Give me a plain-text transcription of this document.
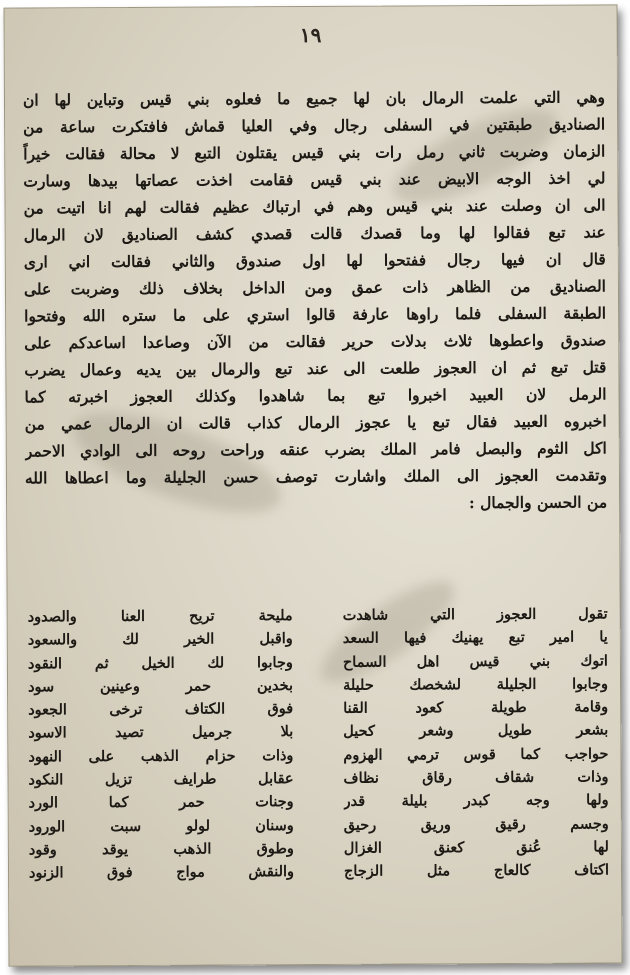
١٩
وهي التي علمت الرمال بان لها جميع ما فعلوه بني قيس وتباين لها ان
الصناديق طبقتين في السفلى رجال وفي العليا قماش فافتكرت ساعة من
الزمان وضربت ثاني رمل رات بني قيس يقتلون التبع لا محالة فقالت خيراً
لي اخذ الوجه الابيض عند بني قيس فقامت اخذت عصاتها بيدها وسارت
الى ان وصلت عند بني قيس وهم في ارتباك عظيم فقالت لهم انا اتيت من
عند تبع فقالوا لها وما قصدك قالت قصدي كشف الصناديق لان الرمال
قال ان فيها رجال ففتحوا لها اول صندوق والثاني فقالت اني ارى
الصناديق من الظاهر ذات عمق ومن الداخل بخلاف ذلك وضربت على
الطبقة السفلى فلما راوها عارفة قالوا استري على ما ستره الله وفتحوا
صندوق واعطوها ثلاث بدلات حرير فقالت من الآن وصاعدا اساعدكم على
قتل تبع ثم ان العجوز طلعت الى عند تبع والرمال بين يديه وعمال يضرب
الرمل لان العبيد اخبروا تبع بما شاهدوا وكذلك العجوز اخبرته كما
اخبروه العبيد فقال تبع يا عجوز الرمال كذاب قالت ان الرمال عمي من
اكل الثوم والبصل فامر الملك بضرب عنقه وراحت روحه الى الوادي الاحمر
وتقدمت العجوز الى الملك واشارت توصف حسن الجليلة وما اعطاها الله
من الحسن والجمال :
تقول العجوز التي شاهدت
يا امير تبع يهنيك فيها السعد
اتوك بني قيس اهل السماح
وجابوا الجليلة لشخصك حليلة
وقامة طويلة كعود القنا
بشعر طويل وشعر كحيل
حواجب كما قوس ترمي الهزوم
وذات شقاف رقاق نظاف
ولها وجه كبدر بليلة قدر
وجسم رقيق وريق رحيق
لها عُنق كعنق الغزال
اكتاف كالعاج مثل الزجاج
مليحة تريح العنا والصدود
واقبل الخير لك والسعود
وجابوا لك الخيل ثم النقود
بخدين حمر وعينين سود
فوق الكتاف ترخى الجعود
بلا جرميل تصيد الاسود
وذات حزام الذهب على النهود
عقابل طرايف تزيل النكود
وجنات حمر كما الورد
وسنان لولو سبت الورود
وطوق الذهب يوقد وقود
والنقش مواج فوق الزنود
